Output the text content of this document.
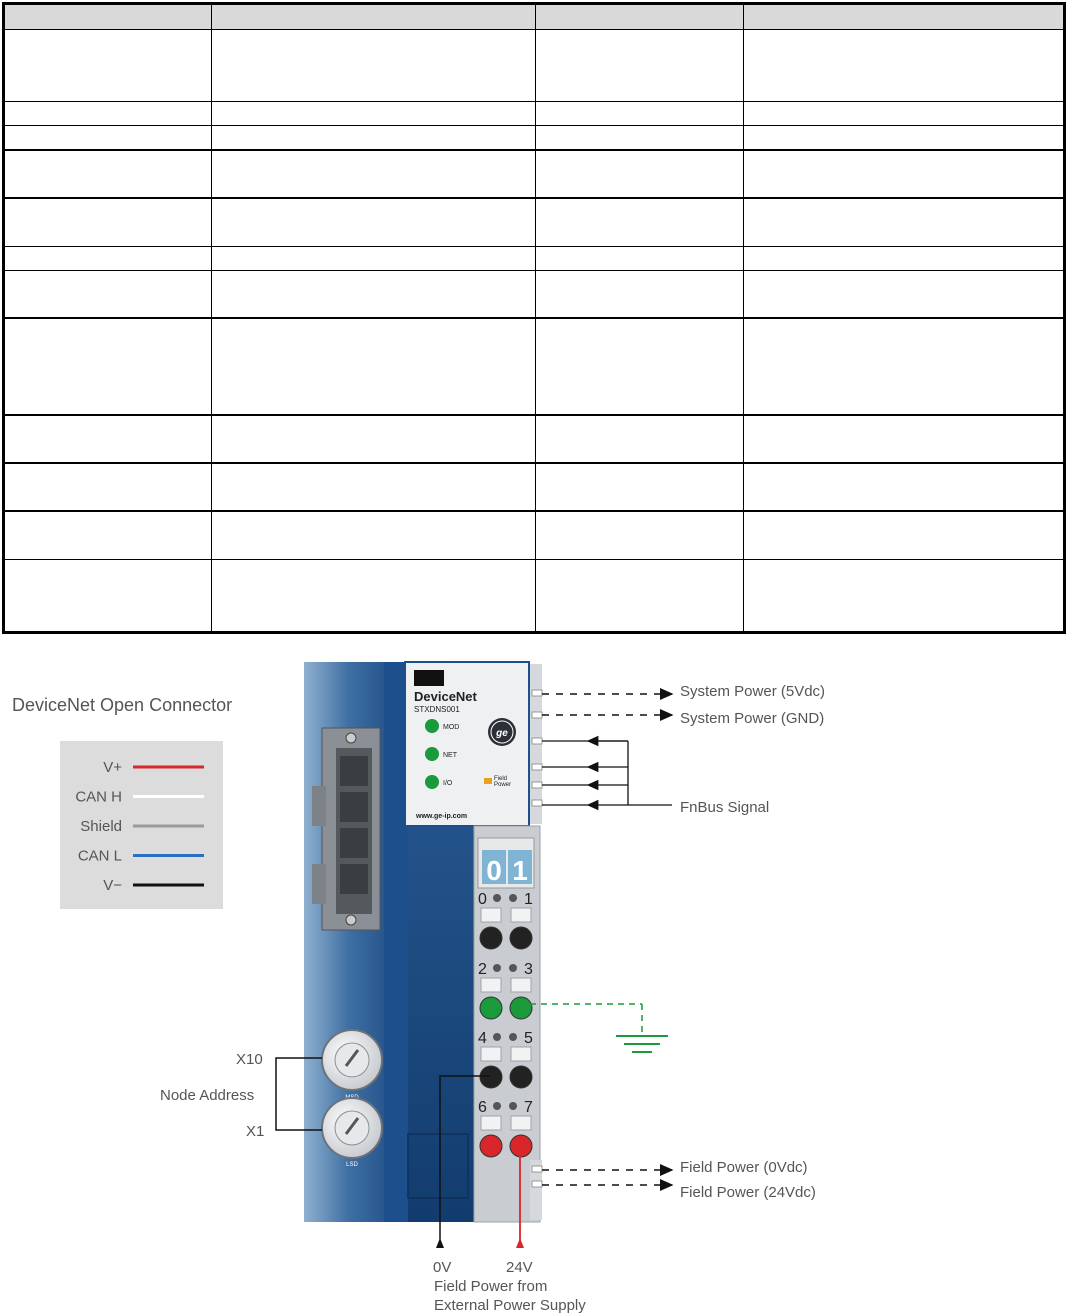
DeviceNet Open Connector
V+
CAN H
Shield
CAN L
V−
LSD
DeviceNet
STXDNS001
MOD
NET
I/O
Field Power
ge
www.ge-ip.com
0 1
0 1
2 3
4 5
6 7
System Power (5Vdc)
System Power (GND)
FnBus Signal
X10
Node Address
X1
Field Power (0Vdc)
Field Power (24Vdc)
0V	24V
Field Power from
External Power Supply
